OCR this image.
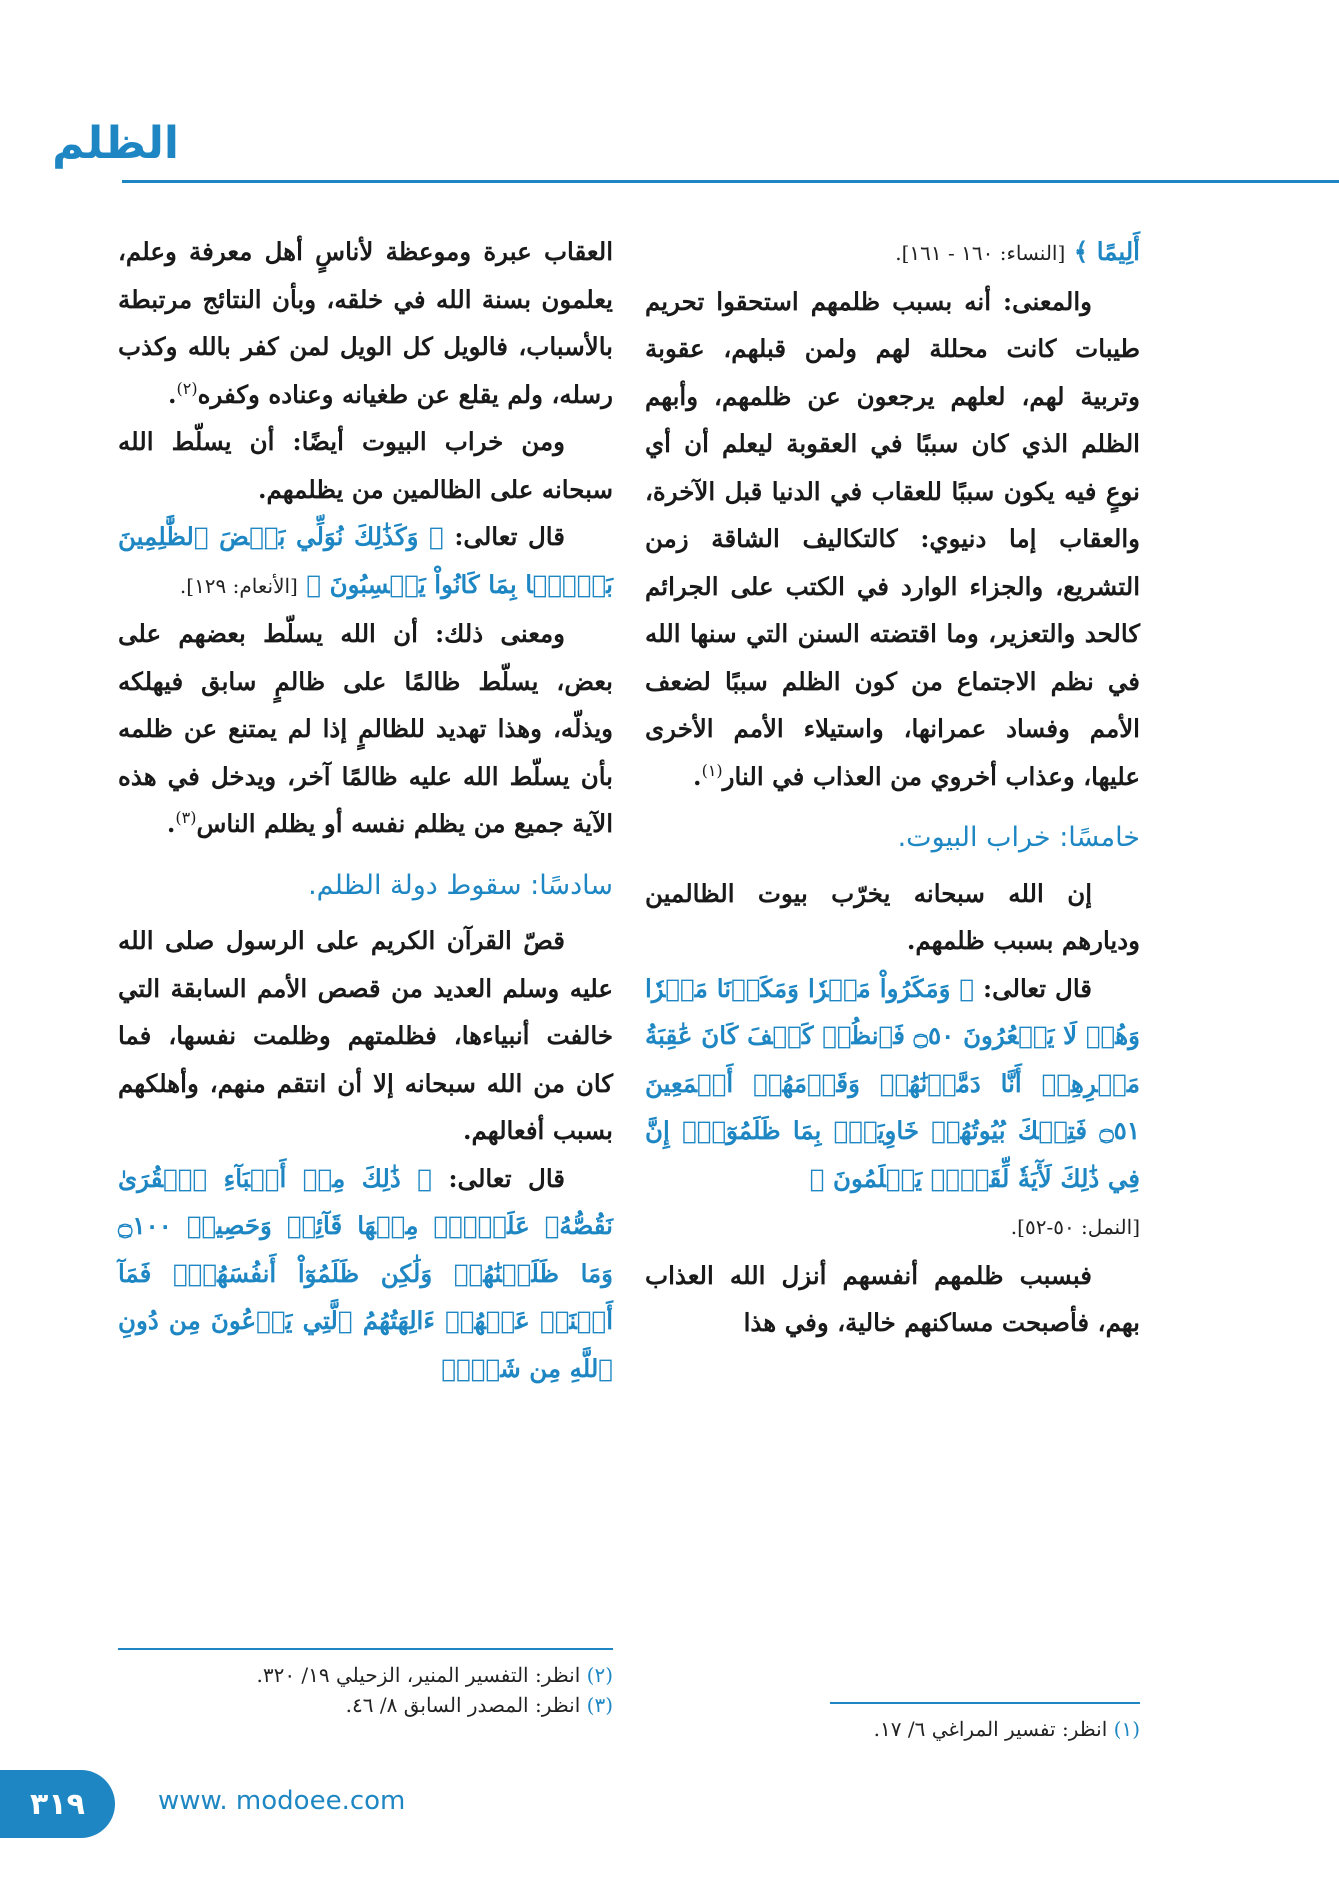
الظلم

أَلِيمًا ﴾ [النساء: ١٦٠ - ١٦١].

والمعنى: أنه بسبب ظلمهم استحقوا تحريم طيبات كانت محللة لهم ولمن قبلهم، عقوبة وتربية لهم، لعلهم يرجعون عن ظلمهم، وأبهم الظلم الذي كان سببًا في العقوبة ليعلم أن أي نوعٍ فيه يكون سببًا للعقاب في الدنيا قبل الآخرة، والعقاب إما دنيوي: كالتكاليف الشاقة زمن التشريع، والجزاء الوارد في الكتب على الجرائم كالحد والتعزير، وما اقتضته السنن التي سنها الله في نظم الاجتماع من كون الظلم سببًا لضعف الأمم وفساد عمرانها، واستيلاء الأمم الأخرى عليها، وعذاب أخروي من العذاب في النار$^{(١)}$.

خامسًا: خراب البيوت.

إن الله سبحانه يخرّب بيوت الظالمين وديارهم بسبب ظلمهم.

قال تعالى: ﴿ وَمَكَرُواْ مَكۡرٗا وَمَكَرۡنَا مَكۡرٗا وَهُمۡ لَا يَشۡعُرُونَ ۝٥٠ فَٱنظُرۡ كَيۡفَ كَانَ عَٰقِبَةُ مَكۡرِهِمۡ أَنَّا دَمَّرۡنَٰهُمۡ وَقَوۡمَهُمۡ أَجۡمَعِينَ ۝٥١ فَتِلۡكَ بُيُوتُهُمۡ خَاوِيَةَۢ بِمَا ظَلَمُوٓاْۚ إِنَّ فِي ذَٰلِكَ لَأٓيَةٗ لِّقَوۡمٖ يَعۡلَمُونَ ﴾

[النمل: ٥٠-٥٢].

فبسبب ظلمهم أنفسهم أنزل الله العذاب بهم، فأصبحت مساكنهم خالية، وفي هذا

العقاب عبرة وموعظة لأناسٍ أهل معرفة وعلم، يعلمون بسنة الله في خلقه، وبأن النتائج مرتبطة بالأسباب، فالويل كل الويل لمن كفر بالله وكذب رسله، ولم يقلع عن طغيانه وعناده وكفره$^{(٢)}$.

ومن خراب البيوت أيضًا: أن يسلّط الله سبحانه على الظالمين من يظلمهم.

قال تعالى: ﴿ وَكَذَٰلِكَ نُوَلِّي بَعۡضَ ٱلظَّٰلِمِينَ بَعۡضَۢا بِمَا كَانُواْ يَكۡسِبُونَ ﴾ [الأنعام: ١٢٩].

ومعنى ذلك: أن الله يسلّط بعضهم على بعض، يسلّط ظالمًا على ظالمٍ سابق فيهلكه ويذلّه، وهذا تهديد للظالمٍ إذا لم يمتنع عن ظلمه بأن يسلّط الله عليه ظالمًا آخر، ويدخل في هذه الآية جميع من يظلم نفسه أو يظلم الناس$^{(٣)}$.

سادسًا: سقوط دولة الظلم.

قصّ القرآن الكريم على الرسول صلى الله عليه وسلم العديد من قصص الأمم السابقة التي خالفت أنبياءها، فظلمتهم وظلمت نفسها، فما كان من الله سبحانه إلا أن انتقم منهم، وأهلكهم بسبب أفعالهم.

قال تعالى: ﴿ ذَٰلِكَ مِنۡ أَنۢبَآءِ ٱلۡقُرَىٰ نَقُصُّهُۥ عَلَيۡكَۖ مِنۡهَا قَآئِمٞ وَحَصِيدٞ ۝١٠٠ وَمَا ظَلَمۡنَٰهُمۡ وَلَٰكِن ظَلَمُوٓاْ أَنفُسَهُمۡۖ فَمَآ أَغۡنَتۡ عَنۡهُمۡ ءَالِهَتُهُمُ ٱلَّتِي يَدۡعُونَ مِن دُونِ ٱللَّهِ مِن شَيۡءٖ

(٢) انظر: التفسير المنير، الزحيلي ١٩/ ٣٢٠.
(٣) انظر: المصدر السابق ٨/ ٤٦.
(١) انظر: تفسير المراغي ٦/ ١٧.
٣١٩	www. modoee.com
